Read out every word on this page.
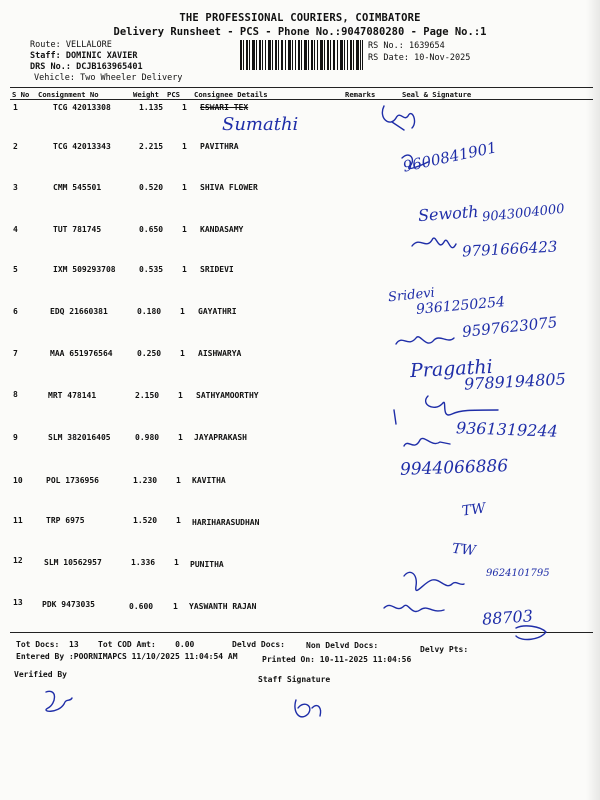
THE PROFESSIONAL COURIERS, COIMBATORE
Delivery Runsheet - PCS - Phone No.:9047080280 - Page No.:1
Route: VELLALORE
Staff: DOMINIC XAVIER
DRS No.: DCJB163965401
Vehicle: Two Wheeler Delivery
RS No.: 1639654
RS Date: 10-Nov-2025
S No Consignment No	Weight PCS Consignee Details	Remarks	Seal & Signature
1	TCG 42013308	1.135 1 ESWARI TEX
2	TCG 42013343	2.215 1 PAVITHRA
3	CMM 545501	0.520 1 SHIVA FLOWER
4	TUT 781745	0.650 1 KANDASAMY
5	IXM 509293708	0.535 1 SRIDEVI
6	EDQ 21660381	0.180 1 GAYATHRI
7	MAA 651976564	0.250 1 AISHWARYA
8	MRT 478141	2.150 1 SATHYAMOORTHY
9	SLM 382016405	0.980 1 JAYAPRAKASH
10	POL 1736956	1.230 1 KAVITHA
11	TRP 6975	1.520 1 HARIHARASUDHAN
12	SLM 10562957	1.336 1 PUNITHA
13 PDK 9473035	0.600 1 YASWANTH RAJAN
Sumathi
9600841901
Sewoth 9043004000
9791666423
Sridevi
9361250254
9597623075
Pragathi
9789194805
9361319244
9944066886
TW
TW
9624101795
88703
Tot Docs: 13 Tot COD Amt: 0.00	Delvd Docs:	Non Delvd Docs:	Delvy Pts:
Entered By :POORNIMAPCS 11/10/2025 11:04:54 AM	Printed On: 10-11-2025 11:04:56
Verified By
Staff Signature
